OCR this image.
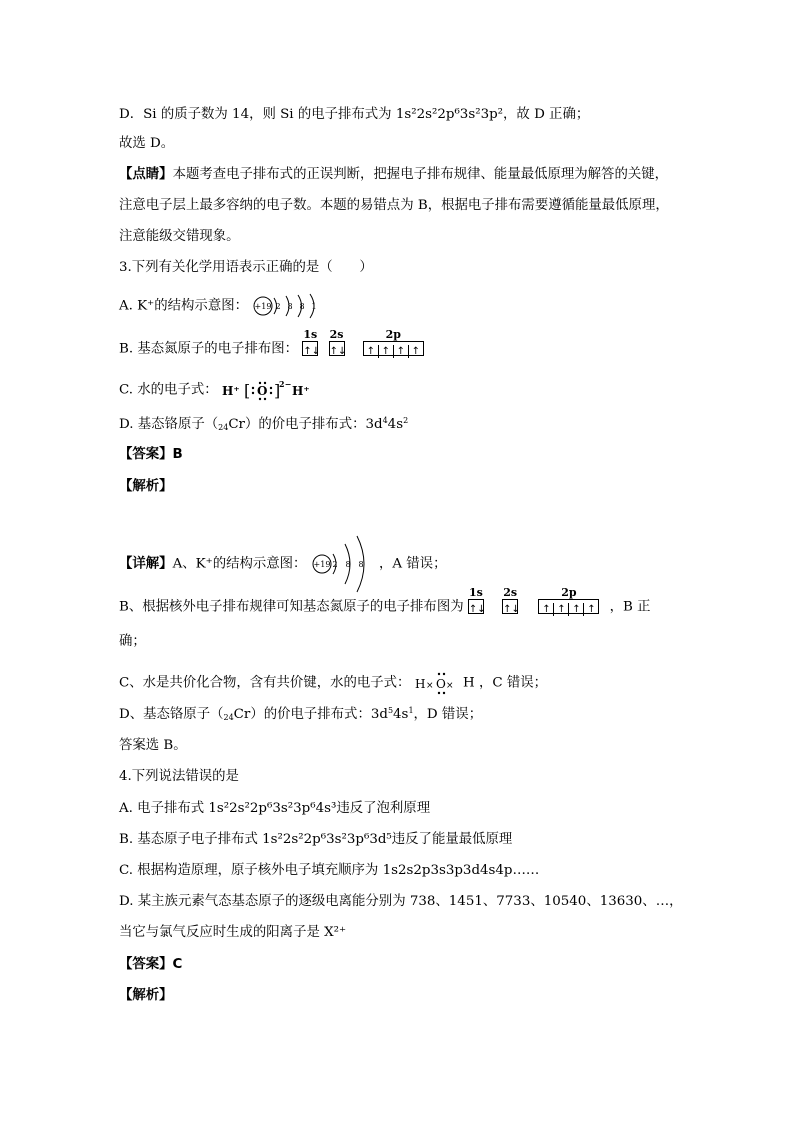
D．Si 的质子数为 14，则 Si 的电子排布式为 1s²2s²2p⁶3s²3p²，故 D 正确；
故选 D。
【点睛】本题考查电子排布式的正误判断，把握电子排布规律、能量最低原理为解答的关键，
注意电子层上最多容纳的电子数。本题的易错点为 B，根据电子排布需要遵循能量最低原理，
注意能级交错现象。
3.下列有关化学用语表示正确的是（　　）
A. K⁺的结构示意图： +19 2 8 8 1
B. 基态氮原子的电子排布图：
1s
↑↓
2s
↑↓
2p
↑ ↑ ↑ ↑
C. 水的电子式： H⁺ [ O ]
2− H⁺
D. 基态铬原子$(_{24}Cr)$的价电子排布式：$3d^44s^2$
【答案】B
【解析】
【详解】A、K⁺的结构示意图： +19 2 8 8 ，A 错误；
B、根据核外电子排布规律可知基态氮原子的电子排布图为
1s
↑↓
2s
↑↓
2p
↑ ↑ ↑ ↑ ，B 正
确；
C、水是共价化合物，含有共价键，水的电子式： H × O × H ，C 错误；
D、基态铬原子$(_{24}Cr)$的价电子排布式：$3d^54s^1$，D 错误；
答案选 B。
4.下列说法错误的是
A. 电子排布式 1s²2s²2p⁶3s²3p⁶4s³违反了泡利原理
B. 基态原子电子排布式 1s²2s²2p⁶3s²3p⁶3d⁵违反了能量最低原理
C. 根据构造原理，原子核外电子填充顺序为 1s2s2p3s3p3d4s4p……
D. 某主族元素气态基态原子的逐级电离能分别为 738、1451、7733、10540、13630、…，
当它与氯气反应时生成的阳离子是 X²⁺
【答案】C
【解析】
